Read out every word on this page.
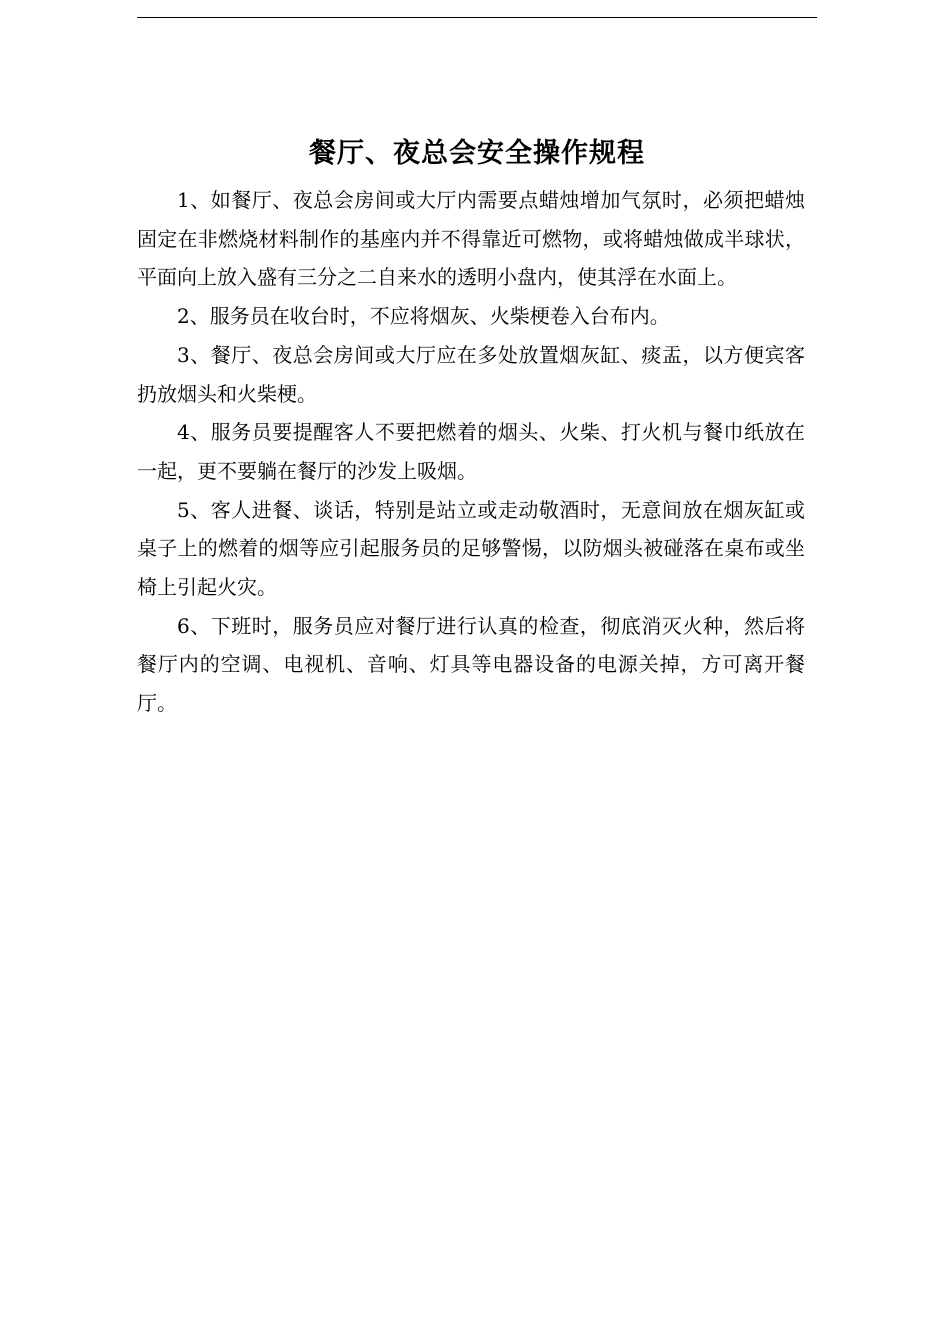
餐厅、夜总会安全操作规程

1、如餐厅、夜总会房间或大厅内需要点蜡烛增加气氛时，必须把蜡烛固定在非燃烧材料制作的基座内并不得靠近可燃物，或将蜡烛做成半球状，平面向上放入盛有三分之二自来水的透明小盘内，使其浮在水面上。

2、服务员在收台时，不应将烟灰、火柴梗卷入台布内。

3、餐厅、夜总会房间或大厅应在多处放置烟灰缸、痰盂，以方便宾客扔放烟头和火柴梗。

4、服务员要提醒客人不要把燃着的烟头、火柴、打火机与餐巾纸放在一起，更不要躺在餐厅的沙发上吸烟。

5、客人进餐、谈话，特别是站立或走动敬酒时，无意间放在烟灰缸或桌子上的燃着的烟等应引起服务员的足够警惕，以防烟头被碰落在桌布或坐椅上引起火灾。

6、下班时，服务员应对餐厅进行认真的检查，彻底消灭火种，然后将餐厅内的空调、电视机、音响、灯具等电器设备的电源关掉，方可离开餐厅。
